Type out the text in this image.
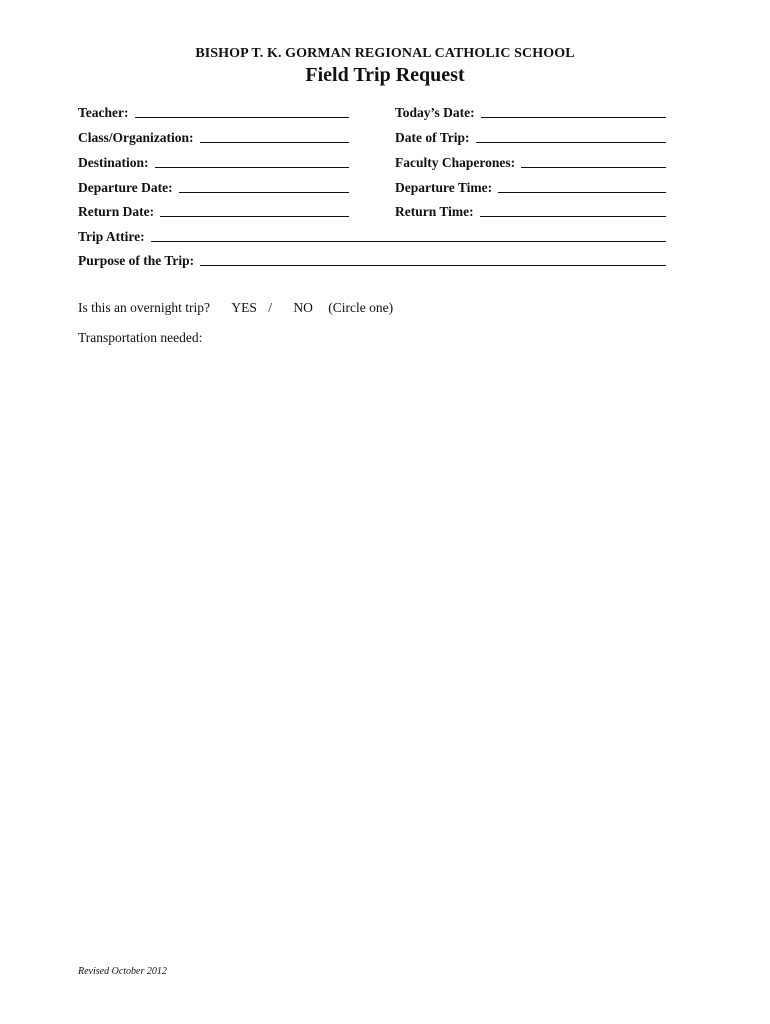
BISHOP T. K. GORMAN REGIONAL CATHOLIC SCHOOL
Field Trip Request
Teacher:	Today’s Date:
Class/Organization:	Date of Trip:
Destination:	Faculty Chaperones:
Departure Date:	Departure Time:
Return Date:	Return Time:
Trip Attire:
Purpose of the Trip:
Is this an overnight trip? YES / NO (Circle one)
Transportation needed:
Revised October 2012
